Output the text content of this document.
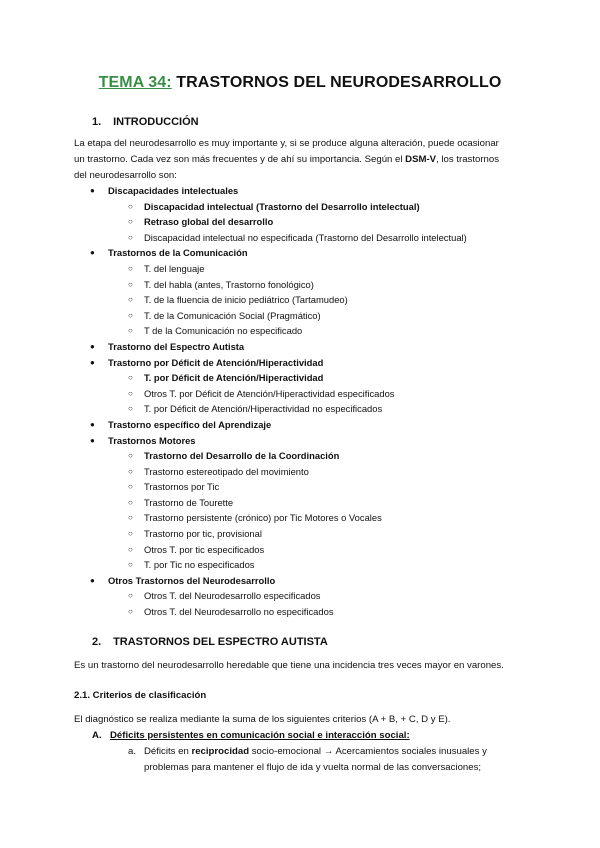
TEMA 34: TRASTORNOS DEL NEURODESARROLLO
1. INTRODUCCIÓN
La etapa del neurodesarrollo es muy importante y, si se produce alguna alteración, puede ocasionar
un trastorno. Cada vez son más frecuentes y de ahí su importancia. Según el DSM-V, los trastornos
del neurodesarrollo son:
● Discapacidades intelectuales
○ Discapacidad intelectual (Trastorno del Desarrollo intelectual)
○ Retraso global del desarrollo
○ Discapacidad intelectual no especificada (Trastorno del Desarrollo intelectual)
● Trastornos de la Comunicación
○ T. del lenguaje
○ T. del habla (antes, Trastorno fonológico)
○ T. de la fluencia de inicio pediátrico (Tartamudeo)
○ T. de la Comunicación Social (Pragmático)
○ T de la Comunicación no especificado
● Trastorno del Espectro Autista
● Trastorno por Déficit de Atención/Hiperactividad
○ T. por Déficit de Atención/Hiperactividad
○ Otros T. por Déficit de Atención/Hiperactividad especificados
○ T. por Déficit de Atención/Hiperactividad no especificados
● Trastorno específico del Aprendizaje
● Trastornos Motores
○ Trastorno del Desarrollo de la Coordinación
○ Trastorno estereotipado del movimiento
○ Trastornos por Tic
○ Trastorno de Tourette
○ Trastorno persistente (crónico) por Tic Motores o Vocales
○ Trastorno por tic, provisional
○ Otros T. por tic especificados
○ T. por Tic no especificados
● Otros Trastornos del Neurodesarrollo
○ Otros T. del Neurodesarrollo especificados
○ Otros T. del Neurodesarrollo no especificados
2. TRASTORNOS DEL ESPECTRO AUTISTA
Es un trastorno del neurodesarrollo heredable que tiene una incidencia tres veces mayor en varones.
2.1. Criterios de clasificación
El diagnóstico se realiza mediante la suma de los siguientes criterios (A + B, + C, D y E).
A. Déficits persistentes en comunicación social e interacción social:
a. Déficits en reciprocidad socio-emocional → Acercamientos sociales inusuales y
problemas para mantener el flujo de ida y vuelta normal de las conversaciones;
